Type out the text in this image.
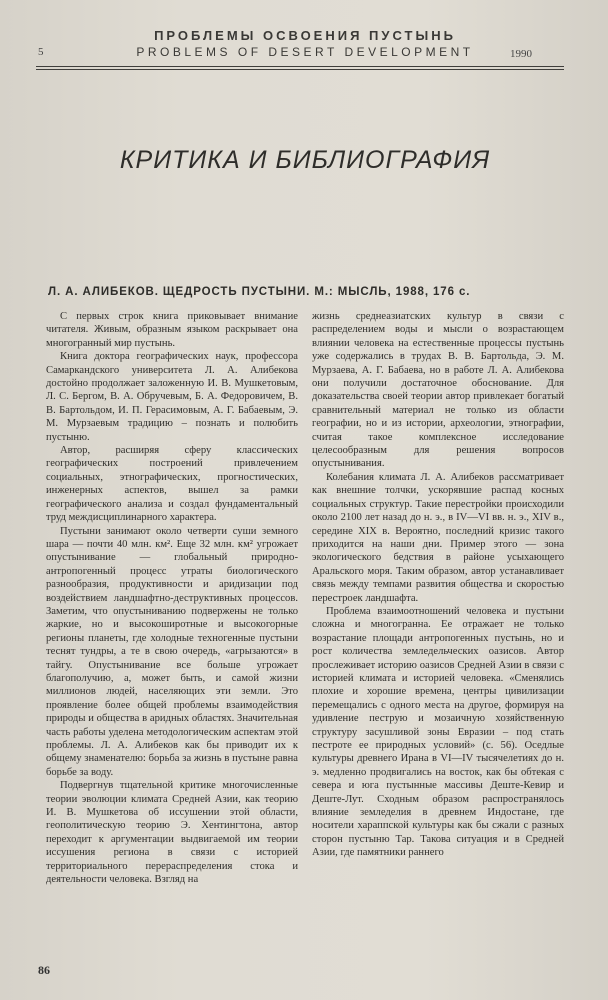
ПРОБЛЕМЫ ОСВОЕНИЯ ПУСТЫНЬ
PROBLEMS OF DESERT DEVELOPMENT
5	1990
КРИТИКА И БИБЛИОГРАФИЯ
Л. А. АЛИБЕКОВ. ЩЕДРОСТЬ ПУСТЫНИ. М.: МЫСЛЬ, 1988, 176 с.

С первых строк книга приковывает внимание читателя. Живым, образным языком раскрывает она многогранный мир пустынь.

Книга доктора географических наук, профессора Самаркандского университета Л. А. Алибекова достойно продолжает заложенную И. В. Мушкетовым, Л. С. Бергом, В. А. Обручевым, Б. А. Федоровичем, В. В. Бартольдом, И. П. Герасимовым, А. Г. Бабаевым, Э. М. Мурзаевым традицию – познать и полюбить пустыню.

Автор, расширяя сферу классических географических построений привлечением социальных, этнографических, прогностических, инженерных аспектов, вышел за рамки географического анализа и создал фундаментальный труд междисциплинарного характера.

Пустыни занимают около четверти суши земного шара — почти 40 млн. км². Еще 32 млн. км² угрожает опустынивание — глобальный природно-антропогенный процесс утраты биологического разнообразия, продуктивности и аридизации под воздействием ландшафтно-деструктивных процессов. Заметим, что опустыниванию подвержены не только жаркие, но и высокоширотные и высокогорные регионы планеты, где холодные техногенные пустыни теснят тундры, а те в свою очередь, «агрызаются» в тайгу. Опустынивание все больше угрожает благополучию, а, может быть, и самой жизни миллионов людей, населяющих эти земли. Это проявление более общей проблемы взаимодействия природы и общества в аридных областях. Значительная часть работы уделена методологическим аспектам этой проблемы. Л. А. Алибеков как бы приводит их к общему знаменателю: борьба за жизнь в пустыне равна борьбе за воду.

Подвергнув тщательной критике многочисленные теории эволюции климата Средней Азии, как теорию И. В. Мушкетова об иссушении этой области, геополитическую теорию Э. Хентингтона, автор переходит к аргументации выдвигаемой им теории иссушения региона в связи с историей территориального перераспределения стока и деятельности человека. Взгляд на

жизнь среднеазиатских культур в связи с распределением воды и мысли о возрастающем влиянии человека на естественные процессы пустынь уже содержались в трудах В. В. Бартольда, Э. М. Мурзаева, А. Г. Бабаева, но в работе Л. А. Алибекова они получили достаточное обоснование. Для доказательства своей теории автор привлекает богатый сравнительный материал не только из области географии, но и из истории, археологии, этнографии, считая такое комплексное исследование целесообразным для решения вопросов опустынивания.

Колебания климата Л. А. Алибеков рассматривает как внешние толчки, ускорявшие распад косных социальных структур. Такие перестройки происходили около 2100 лет назад до н. э., в IV—VI вв. н. э., XIV в., середине XIX в. Вероятно, последний кризис такого приходится на наши дни. Пример этого — зона экологического бедствия в районе усыхающего Аральского моря. Таким образом, автор устанавливает связь между темпами развития общества и скоростью перестроек ландшафта.

Проблема взаимоотношений человека и пустыни сложна и многогранна. Ее отражает не только возрастание площади антропогенных пустынь, но и рост количества земледельческих оазисов. Автор прослеживает историю оазисов Средней Азии в связи с историей климата и историей человека. «Сменялись плохие и хорошие времена, центры цивилизации перемещались с одного места на другое, формируя на удивление пеструю и мозаичную хозяйственную структуру засушливой зоны Евразии – под стать пестроте ее природных условий» (с. 56). Оседлые культуры древнего Ирана в VI—IV тысячелетиях до н. э. медленно продвигались на восток, как бы обтекая с севера и юга пустынные массивы Деште-Кевир и Деште-Лут. Сходным образом распространялось влияние земледелия в древнем Индостане, где носители хараппской культуры как бы сжали с разных сторон пустыню Тар. Такова ситуация и в Средней Азии, где памятники раннего

86
